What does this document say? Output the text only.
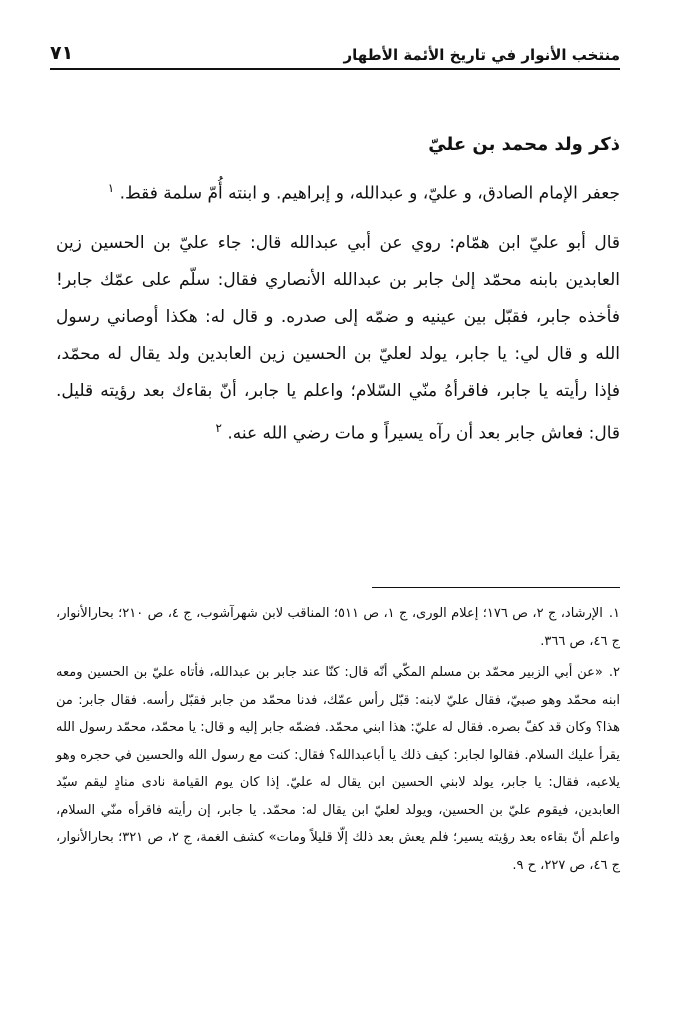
منتخب الأنوار في تاريخ الأئمة الأطهار
٧١
ذكر ولد محمد بن عليّ

جعفر الإمام الصادق، و عليّ، و عبدالله، و إبراهيم. و ابنته أُمّ سلمة فقط. $^١$

قال أبو عليّ ابن همّام: روي عن أبي عبدالله قال: جاء عليّ بن الحسين زين العابدين بابنه محمّد إلىٰ جابر بن عبدالله الأنصاري فقال: سلّم على عمّك جابر! فأخذه جابر، فقبّل بين عينيه و ضمّه إلى صدره. و قال له: هكذا أوصاني رسول الله و قال لي: يا جابر، يولد لعليّ بن الحسين زين العابدين ولد يقال له محمّد، فإذا رأيته يا جابر، فاقرأهُ منّي السّلام؛ واعلم يا جابر، أنّ بقاءك بعد رؤيته قليل. قال: فعاش جابر بعد أن رآه يسيراً و مات رضي الله عنه. $^٢$

١.الإرشاد، ج ٢، ص ١٧٦؛ إعلام الورى، ج ١، ص ٥١١؛ المناقب لابن شهرآشوب، ج ٤، ص ٢١٠؛ بحارالأنوار، ج ٤٦، ص ٣٦٦.

٢.«عن أبي الزبير محمّد بن مسلم المكّي أنّه قال: كنّا عند جابر بن عبدالله، فأتاه عليّ بن الحسين ومعه ابنه محمّد وهو صبيّ، فقال عليّ لابنه: قبّل رأس عمّك، فدنا محمّد من جابر فقبّل رأسه. فقال جابر: من هذا؟ وكان قد كفّ بصره. فقال له عليّ: هذا ابني محمّد. فضمّه جابر إليه و قال: يا محمّد، محمّد رسول الله يقرأ عليك السلام. فقالوا لجابر: كيف ذلك يا أباعبدالله؟ فقال: كنت مع رسول الله والحسين في حجره وهو يلاعبه، فقال: يا جابر، يولد لابني الحسين ابن يقال له عليّ. إذا كان يوم القيامة نادى منادٍ ليقم سيّد العابدين، فيقوم عليّ بن الحسين، ويولد لعليّ ابن يقال له: محمّد. يا جابر، إن رأيته فاقرأه منّي السلام، واعلم أنّ بقاءه بعد رؤيته يسير؛ فلم يعش بعد ذلك إلّا قليلاً ومات» كشف الغمة، ج ٢، ص ٣٢١؛ بحارالأنوار، ج ٤٦، ص ٢٢٧، ح ٩.
